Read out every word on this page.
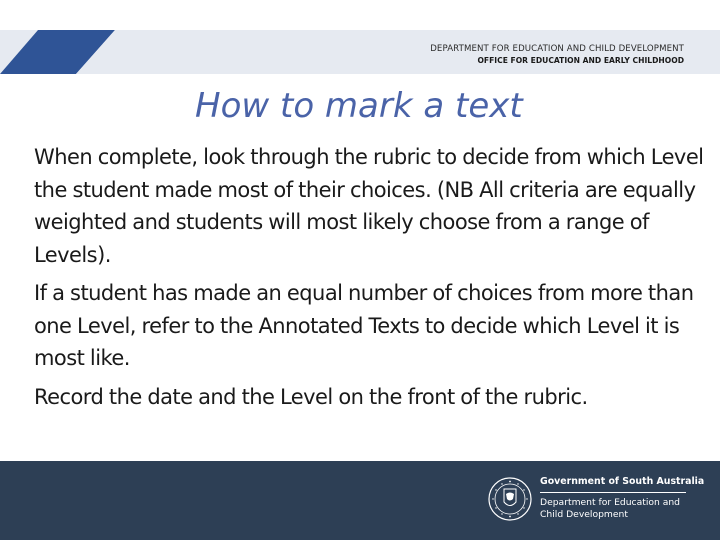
DEPARTMENT FOR EDUCATION AND CHILD DEVELOPMENT
OFFICE FOR EDUCATION AND EARLY CHILDHOOD
How to mark a text

When complete, look through the rubric to decide from which Level the student made most of their choices. (NB All criteria are equally weighted and students will most likely choose from a range of Levels).

If a student has made an equal number of choices from more than one Level, refer to the Annotated Texts to decide which Level it is most like.

Record the date and the Level on the front of the rubric.

Government of South Australia
Department for Education and
Child Development
